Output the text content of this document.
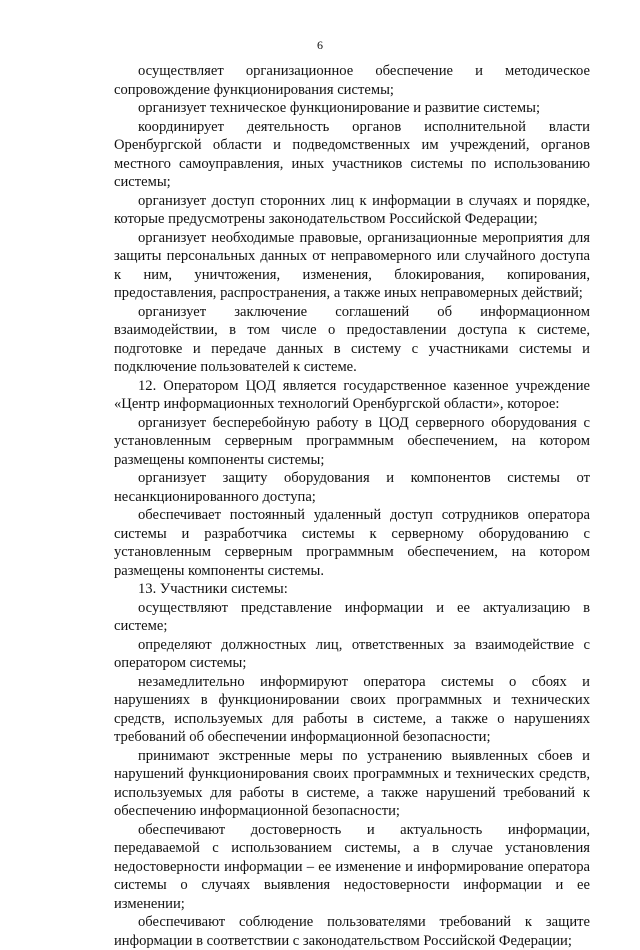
6

осуществляет организационное обеспечение и методическое сопровождение функционирования системы;

организует техническое функционирование и развитие системы;

координирует деятельность органов исполнительной власти Оренбургской области и подведомственных им учреждений, органов местного самоуправления, иных участников системы по использованию системы;

организует доступ сторонних лиц к информации в случаях и порядке, которые предусмотрены законодательством Российской Федерации;

организует необходимые правовые, организационные мероприятия для защиты персональных данных от неправомерного или случайного доступа к ним, уничтожения, изменения, блокирования, копирования, предоставления, распространения, а также иных неправомерных действий;

организует заключение соглашений об информационном взаимодействии, в том числе о предоставлении доступа к системе, подготовке и передаче данных в систему с участниками системы и подключение пользователей к системе.

12. Оператором ЦОД является государственное казенное учреждение «Центр информационных технологий Оренбургской области», которое:

организует бесперебойную работу в ЦОД серверного оборудования с установленным серверным программным обеспечением, на котором размещены компоненты системы;

организует защиту оборудования и компонентов системы от несанкционированного доступа;

обеспечивает постоянный удаленный доступ сотрудников оператора системы и разработчика системы к серверному оборудованию с установленным серверным программным обеспечением, на котором размещены компоненты системы.

13. Участники системы:

осуществляют представление информации и ее актуализацию в системе;

определяют должностных лиц, ответственных за взаимодействие с оператором системы;

незамедлительно информируют оператора системы о сбоях и нарушениях в функционировании своих программных и технических средств, используемых для работы в системе, а также о нарушениях требований об обеспечении информационной безопасности;

принимают экстренные меры по устранению выявленных сбоев и нарушений функционирования своих программных и технических средств, используемых для работы в системе, а также нарушений требований к обеспечению информационной безопасности;

обеспечивают достоверность и актуальность информации, передаваемой с использованием системы, а в случае установления недостоверности информации – ее изменение и информирование оператора системы о случаях выявления недостоверности информации и ее изменении;

обеспечивают соблюдение пользователями требований к защите информации в соответствии с законодательством Российской Федерации;
